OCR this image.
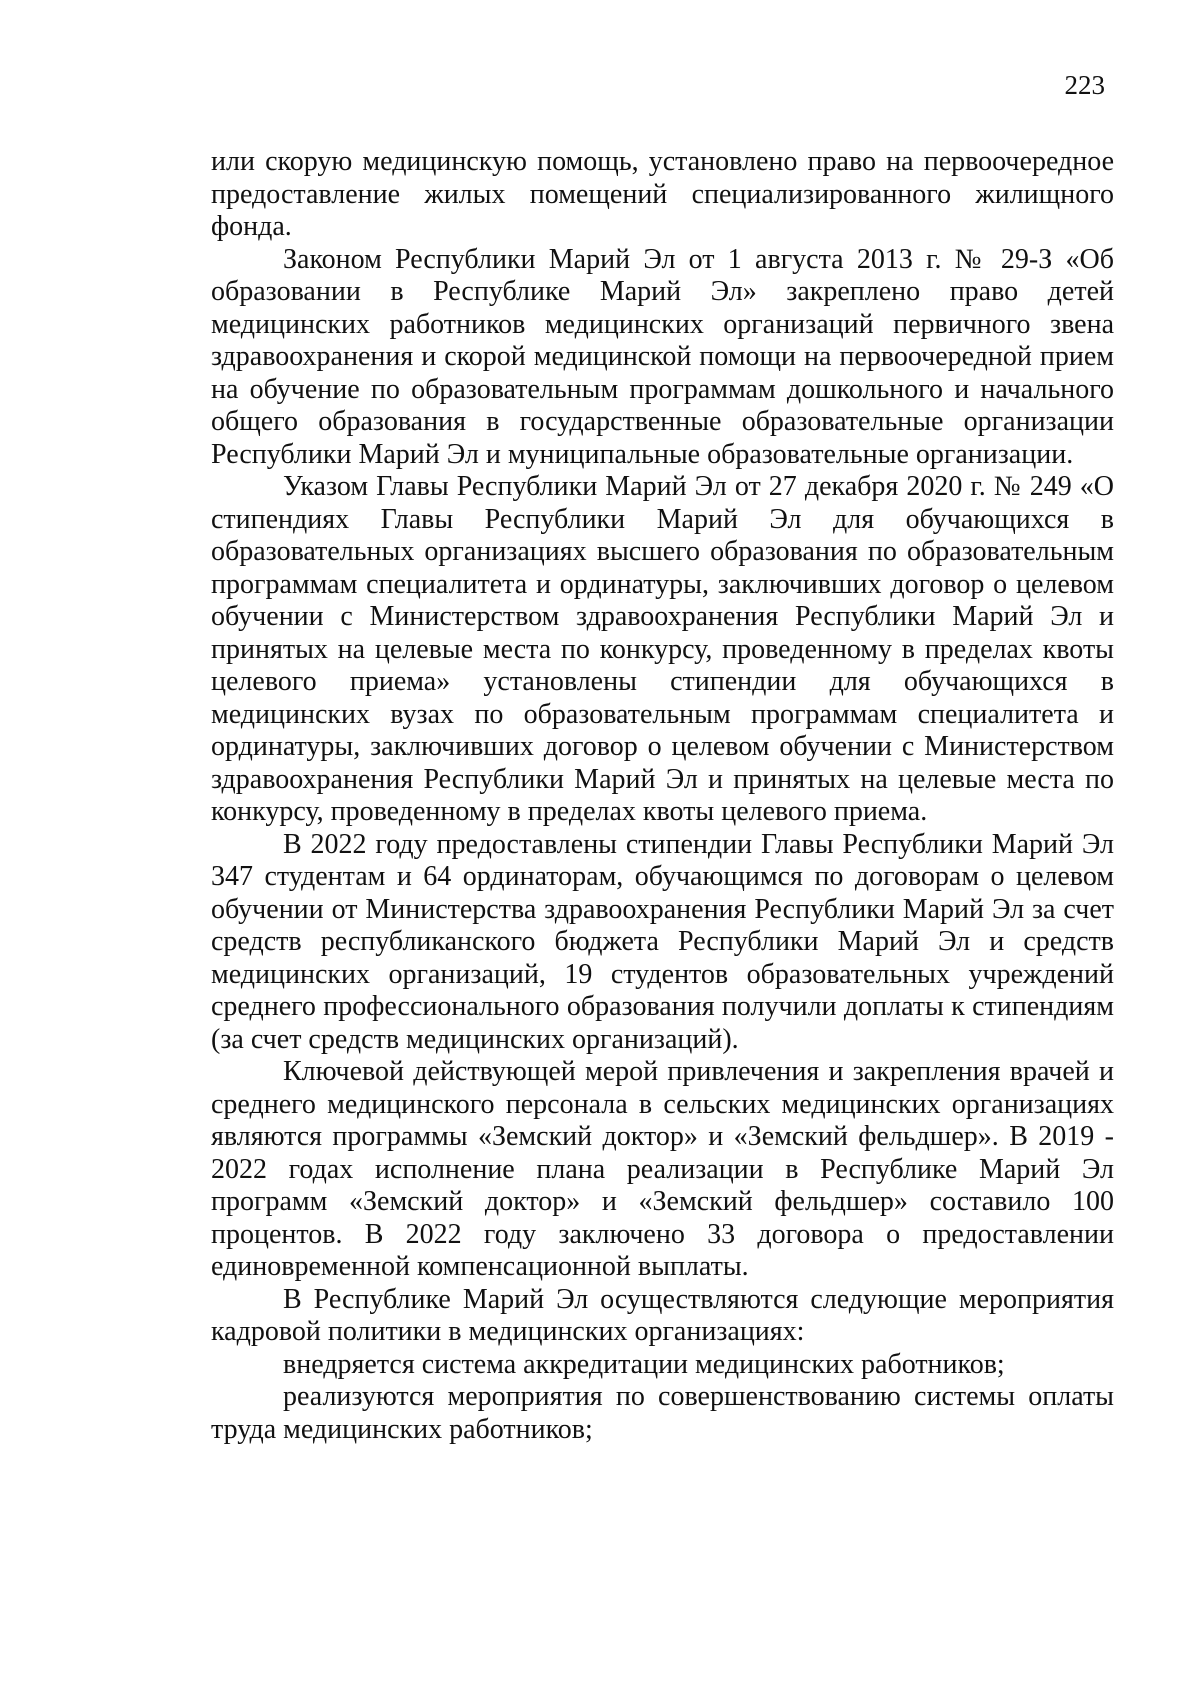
223

или скорую медицинскую помощь, установлено право на первоочередное предоставление жилых помещений специализированного жилищного фонда.

Законом Республики Марий Эл от 1 августа 2013 г. № 29-З «Об образовании в Республике Марий Эл» закреплено право детей медицинских работников медицинских организаций первичного звена здравоохранения и скорой медицинской помощи на первоочередной прием на обучение по образовательным программам дошкольного и начального общего образования в государственные образовательные организации Республики Марий Эл и муниципальные образовательные организации.

Указом Главы Республики Марий Эл от 27 декабря 2020 г. № 249 «О стипендиях Главы Республики Марий Эл для обучающихся в образовательных организациях высшего образования по образовательным программам специалитета и ординатуры, заключивших договор о целевом обучении с Министерством здравоохранения Республики Марий Эл и принятых на целевые места по конкурсу, проведенному в пределах квоты целевого приема» установлены стипендии для обучающихся в медицинских вузах по образовательным программам специалитета и ординатуры, заключивших договор о целевом обучении с Министерством здравоохранения Республики Марий Эл и принятых на целевые места по конкурсу, проведенному в пределах квоты целевого приема.

В 2022 году предоставлены стипендии Главы Республики Марий Эл 347 студентам и 64 ординаторам, обучающимся по договорам о целевом обучении от Министерства здравоохранения Республики Марий Эл за счет средств республиканского бюджета Республики Марий Эл и средств медицинских организаций, 19 студентов образовательных учреждений среднего профессионального образования получили доплаты к стипендиям (за счет средств медицинских организаций).

Ключевой действующей мерой привлечения и закрепления врачей и среднего медицинского персонала в сельских медицинских организациях являются программы «Земский доктор» и «Земский фельдшер». В 2019 - 2022 годах исполнение плана реализации в Республике Марий Эл программ «Земский доктор» и «Земский фельдшер» составило 100 процентов. В 2022 году заключено 33 договора о предоставлении единовременной компенсационной выплаты.

В Республике Марий Эл осуществляются следующие мероприятия кадровой политики в медицинских организациях:

внедряется система аккредитации медицинских работников;

реализуются мероприятия по совершенствованию системы оплаты труда медицинских работников;
